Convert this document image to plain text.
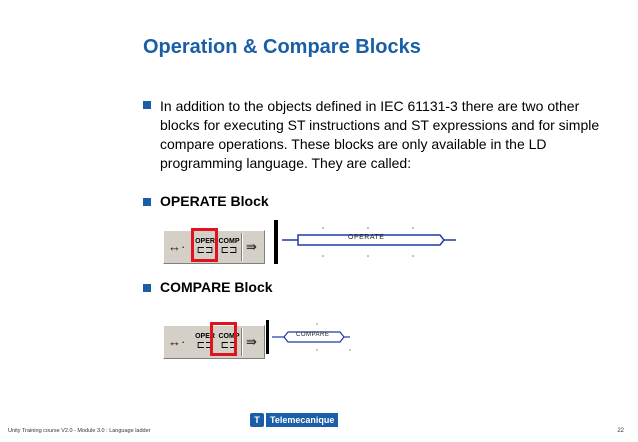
Operation & Compare Blocks
In addition to the objects defined in IEC 61131-3 there are two other blocks for executing ST instructions and ST expressions and for simple compare operations. These blocks are only available in the LD programming language. They are called:
OPERATE Block
↔· OPER
⊏⊐
COMP
⊏⊐ ⇛
OPERATE
COMPARE Block
↔· OPER
⊏⊐
COMP
⊏⊐ ⇛	COMPARE
Unity Training course V2.0 - Module 3.0 : Language ladder
T	Telemecanique
22
